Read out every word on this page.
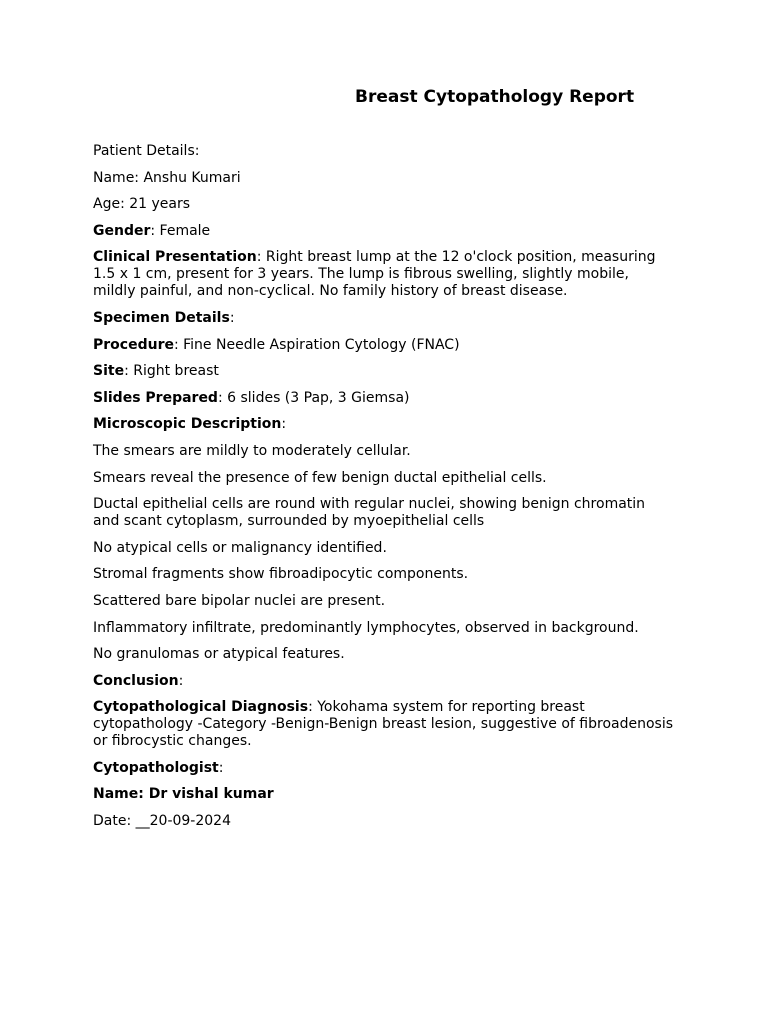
Breast Cytopathology Report

Patient Details:

Name: Anshu Kumari

Age: 21 years

Gender: Female

Clinical Presentation: Right breast lump at the 12 o'clock position, measuring 1.5 x 1 cm, present for 3 years. The lump is fibrous swelling, slightly mobile, mildly painful, and non-cyclical. No family history of breast disease.

Specimen Details:

Procedure: Fine Needle Aspiration Cytology (FNAC)

Site: Right breast

Slides Prepared: 6 slides (3 Pap, 3 Giemsa)

Microscopic Description:

The smears are mildly to moderately cellular.

Smears reveal the presence of few benign ductal epithelial cells.

Ductal epithelial cells are round with regular nuclei, showing benign chromatin and scant cytoplasm, surrounded by myoepithelial cells

No atypical cells or malignancy identified.

Stromal fragments show fibroadipocytic components.

Scattered bare bipolar nuclei are present.

Inflammatory infiltrate, predominantly lymphocytes, observed in background.

No granulomas or atypical features.

Conclusion:

Cytopathological Diagnosis: Yokohama system for reporting breast cytopathology -Category -Benign-Benign breast lesion, suggestive of fibroadenosis or fibrocystic changes.

Cytopathologist:

Name: Dr vishal kumar

Date: __20-09-2024
